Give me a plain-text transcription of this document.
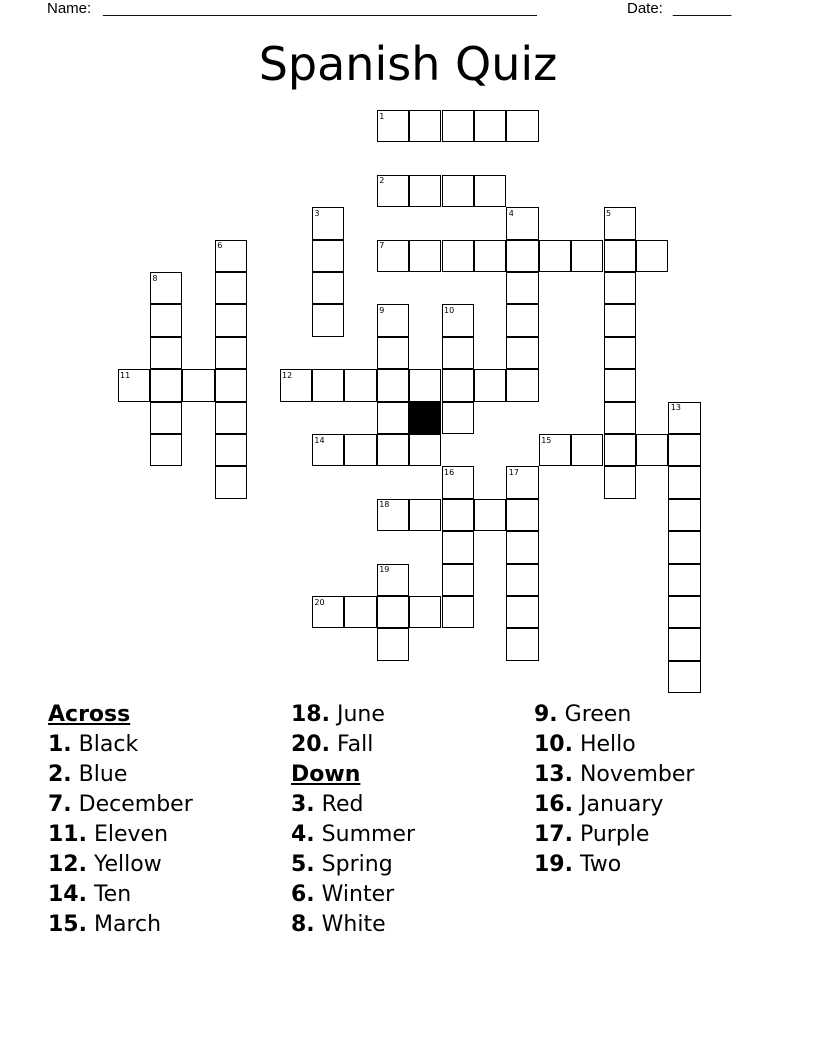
Name: ____________________________________________________	Date: _______
Spanish Quiz
1
2
3	4	5
6	7
8
9	10
11	12
13
14	15
16	17
18
19
20
Across
1. Black
2. Blue
7. December
11. Eleven
12. Yellow
14. Ten
15. March
18. June
20. Fall
Down
3. Red
4. Summer
5. Spring
6. Winter
8. White
9. Green
10. Hello
13. November
16. January
17. Purple
19. Two
